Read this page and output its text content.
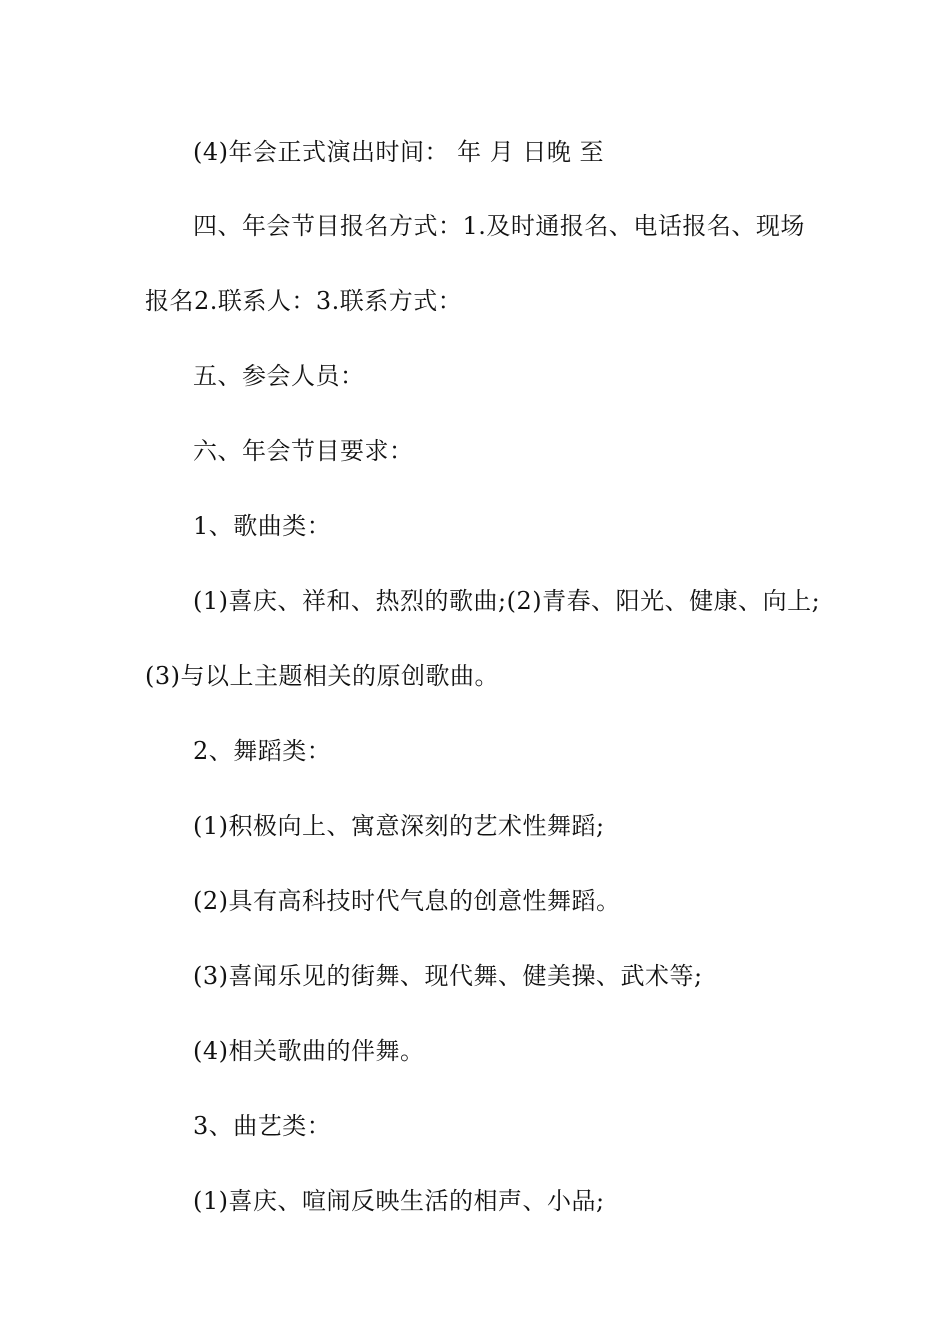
(4)年会正式演出时间： 年 月 日晚 至
四、年会节目报名方式：1.及时通报名、电话报名、现场
报名2.联系人：3.联系方式：
五、参会人员：
六、年会节目要求：
1、歌曲类：
(1)喜庆、祥和、热烈的歌曲;(2)青春、阳光、健康、向上;
(3)与以上主题相关的原创歌曲。
2、舞蹈类：
(1)积极向上、寓意深刻的艺术性舞蹈;
(2)具有高科技时代气息的创意性舞蹈。
(3)喜闻乐见的街舞、现代舞、健美操、武术等;
(4)相关歌曲的伴舞。
3、曲艺类：
(1)喜庆、喧闹反映生活的相声、小品;
